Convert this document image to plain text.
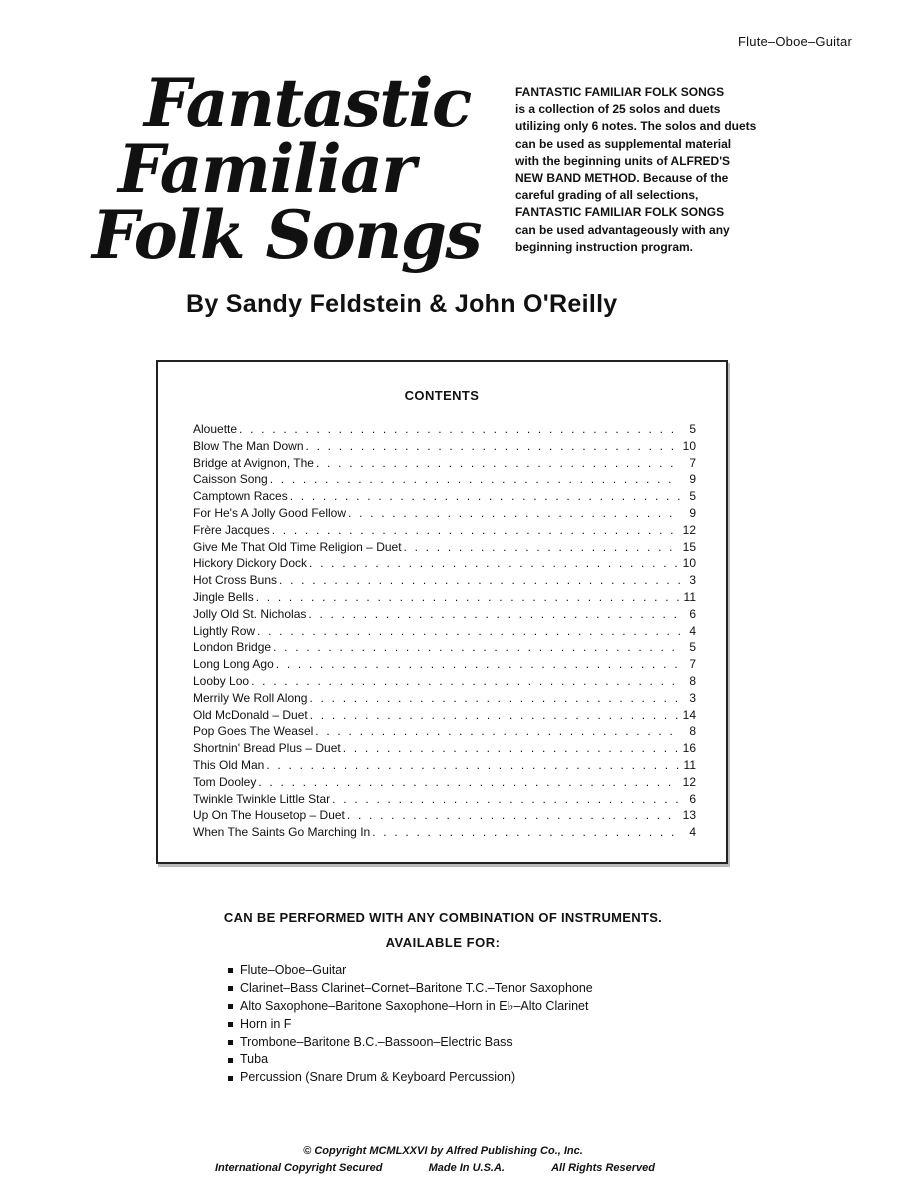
Flute–Oboe–Guitar
Fantastic
Familiar
Folk Songs
FANTASTIC FAMILIAR FOLK SONGS
is a collection of 25 solos and duets
utilizing only 6 notes. The solos and duets
can be used as supplemental material
with the beginning units of ALFRED'S
NEW BAND METHOD. Because of the
careful grading of all selections,
FANTASTIC FAMILIAR FOLK SONGS
can be used advantageously with any
beginning instruction program.
By Sandy Feldstein & John O'Reilly
CONTENTS
Alouette . . .	5
Blow The Man Down . . .	10
Bridge at Avignon, The . . .	7
Caisson Song . . .	9
Camptown Races . . .	5
For He's A Jolly Good Fellow . . .	9
Frère Jacques . . .	12
Give Me That Old Time Religion – Duet . . .	15
Hickory Dickory Dock . . .	10
Hot Cross Buns . . .	3
Jingle Bells . . .	11
Jolly Old St. Nicholas . . .	6
Lightly Row . . .	4
London Bridge . . .	5
Long Long Ago . . .	7
Looby Loo . . .	8
Merrily We Roll Along . . .	3
Old McDonald – Duet . . .	14
Pop Goes The Weasel . . .	8
Shortnin' Bread Plus – Duet . . .	16
This Old Man . . .	11
Tom Dooley . . .	12
Twinkle Twinkle Little Star . . .	6
Up On The Housetop – Duet . . .	13
When The Saints Go Marching In . . .	4
CAN BE PERFORMED WITH ANY COMBINATION OF INSTRUMENTS.
AVAILABLE FOR:
Flute–Oboe–Guitar
Clarinet–Bass Clarinet–Cornet–Baritone T.C.–Tenor Saxophone
Alto Saxophone–Baritone Saxophone–Horn in E♭–Alto Clarinet
Horn in F
Trombone–Baritone B.C.–Bassoon–Electric Bass
Tuba
Percussion (Snare Drum & Keyboard Percussion)
© Copyright MCMLXXVI by Alfred Publishing Co., Inc.
International Copyright Secured	Made In U.S.A.	All Rights Reserved
